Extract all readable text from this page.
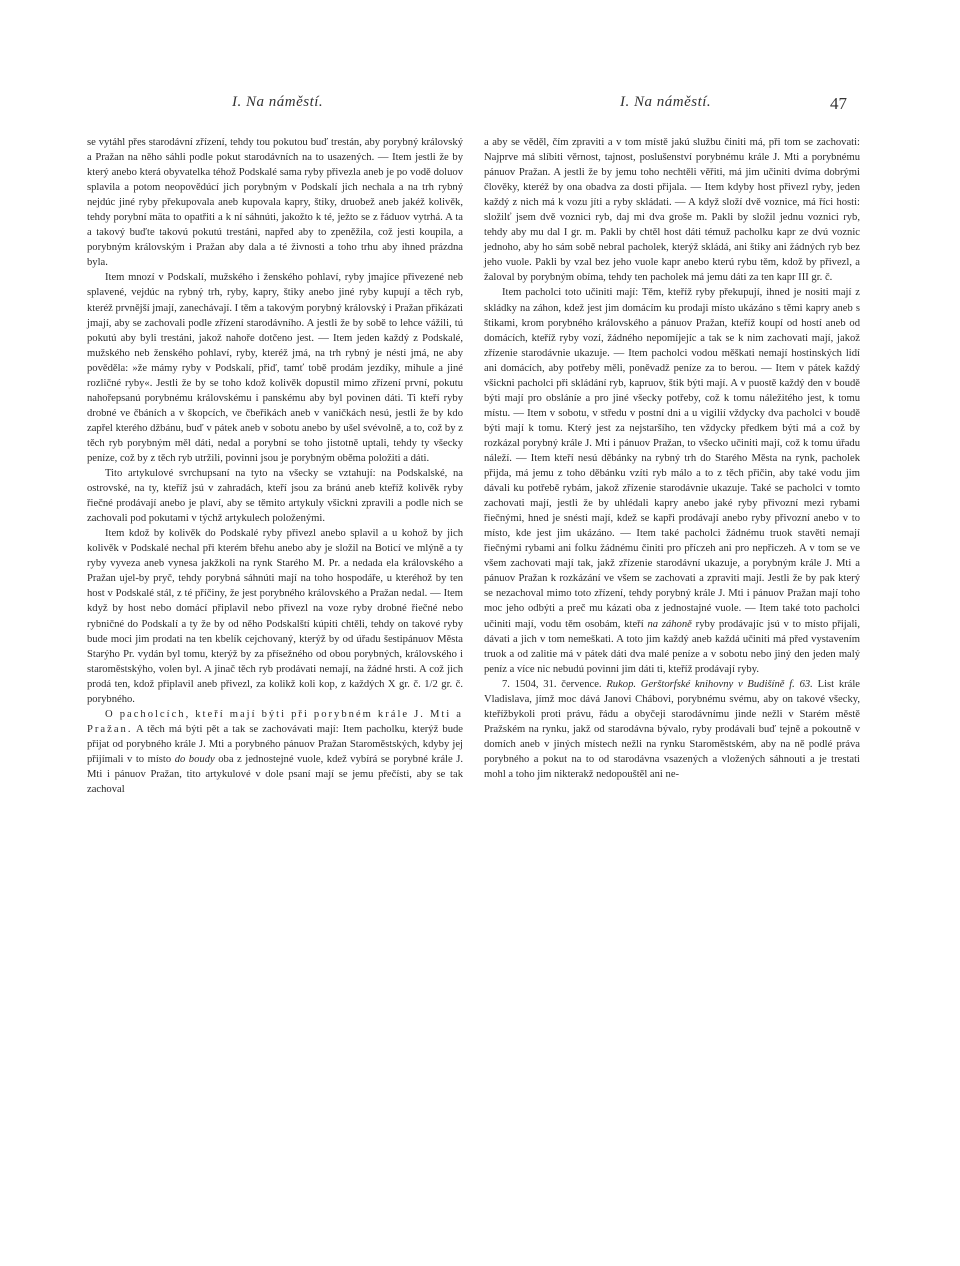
I. Na náměstí.	I. Na náměstí.	47

se vytáhl přes starodávní zřízení, tehdy tou pokutou buď trestán, aby porybný královský a Pražan na něho sáhli podle pokut starodávních na to usazených. — Item jestli že by který anebo která obyvatelka téhož Podskalé sama ryby přivezla aneb je po vodě doluov splavila a potom neopovědúcí jich porybným v Podskalí jich nechala a na trh rybný nejdúc jiné ryby překupovala aneb kupovala kapry, štiky, druobež aneb jakéž kolivěk, tehdy porybní mäta to opatřiti a k ní sáhnúti, jakožto k té, ježto se z řáduov vytrhá. A ta a takový buďte takovú pokutú trestáni, napřed aby to zpeněžila, což jesti koupila, a porybným královským i Pražan aby dala a té živnosti a toho trhu aby ihned prázdna byla.

Item mnozí v Podskalí, mužského i ženského pohlaví, ryby jmajíce přivezené neb splavené, vejdúc na rybný trh, ryby, kapry, štiky anebo jiné ryby kupují a těch ryb, kteréž prvnější jmají, zanechávají. I těm a takovým porybný královský i Pražan přikázati jmají, aby se zachovali podle zřízení starodávního. A jestli že by sobě to lehce vážili, tú pokutú aby byli trestáni, jakož nahoře dotčeno jest. — Item jeden každý z Podskalé, mužského neb ženského pohlaví, ryby, kteréž jmá, na trh rybný je nésti jmá, ne aby pověděla: »že mámy ryby v Podskalí, přiď, tamť tobě prodám jezdíky, mihule a jiné rozličné ryby«. Jestli že by se toho kdož kolivěk dopustil mimo zřízení první, pokutu nahořepsanú porybnému královskému i panskému aby byl povinen dáti. Ti kteří ryby drobné ve čbáních a v škopcích, ve čbeřikách aneb v vaničkách nesú, jestli že by kdo zapřel kterého džbánu, buď v pátek aneb v sobotu anebo by ušel svévolně, a to, což by z těch ryb porybným měl dáti, nedal a porybní se toho jistotně uptali, tehdy ty všecky peníze, což by z těch ryb utržili, povinni jsou je porybným oběma položiti a dáti.

Tito artykulové svrchupsaní na tyto na všecky se vztahují: na Podskalské, na ostrovské, na ty, kteříž jsú v zahradách, kteří jsou za bránú aneb kteříž kolivěk ryby řiečné prodávají anebo je plaví, aby se těmito artykuly všickni zpravili a podle nich se zachovali pod pokutami v týchž artykulech položenými.

Item kdož by kolivěk do Podskalé ryby přivezl anebo splavil a u kohož by jich kolivěk v Podskalé nechal při kterém břehu anebo aby je složil na Boticí ve mlýně a ty ryby vyveza aneb vynesa jakžkoli na rynk Starého M. Pr. a nedada ela královského a Pražan ujel-by pryč, tehdy porybná sáhnúti mají na toho hospodáře, u kteréhož by ten host v Podskalé stál, z té příčiny, že jest porybného královského a Pražan nedal. — Item když by host nebo domácí připlavil nebo přivezl na voze ryby drobné řiečné nebo rybničné do Podskalí a ty že by od něho Podskalští kúpiti chtěli, tehdy on takové ryby bude moci jim prodati na ten kbelík cejchovaný, kterýž by od úřadu šestipánuov Města Starýho Pr. vydán byl tomu, kterýž by za přísežného od obou porybných, královského i staroměstskýho, volen byl. A jinač těch ryb prodávati nemají, na žádné hrsti. A což jich prodá ten, kdož připlavil aneb přivezl, za kolikž koli kop, z každých X gr. č. 1/2 gr. č. porybného.

O pacholcích, kteří mají býti při porybném krále J. Mti a Pražan. A těch má býti pět a tak se zachovávati mají: Item pacholku, kterýž bude přijat od porybného krále J. Mti a porybného pánuov Pražan Staroměstských, kdyby jej přijímali v to místo do boudy oba z jednostejné vuole, kdež vybírá se porybné krále J. Mti i pánuov Pražan, tito artykulové v dole psaní mají se jemu přečísti, aby se tak zachoval

a aby se věděl, čím zpraviti a v tom místě jakú službu činiti má, při tom se zachovati: Najprve má slíbiti věrnost, tajnost, poslušenství porybnému krále J. Mti a porybnému pánuov Pražan. A jestli že by jemu toho nechtěli věřiti, má jim učiniti dvíma dobrými člověky, kteréž by ona obadva za dosti přijala. — Item kdyby host přivezl ryby, jeden každý z nich má k vozu jíti a ryby skládati. — A když složí dvě voznice, má říci hosti: složilť jsem dvě voznici ryb, daj mi dva groše m. Pakli by složil jednu voznici ryb, tehdy aby mu dal I gr. m. Pakli by chtěl host dáti témuž pacholku kapr ze dvú voznic jednoho, aby ho sám sobě nebral pacholek, kterýž skládá, ani štiky ani žádných ryb bez jeho vuole. Pakli by vzal bez jeho vuole kapr anebo kterú rybu těm, kdož by přivezl, a žaloval by porybným obíma, tehdy ten pacholek má jemu dáti za ten kapr III gr. č.

Item pacholci toto učiniti mají: Těm, kteříž ryby překupují, ihned je nositi mají z skládky na záhon, kdež jest jim domácím ku prodaji místo ukázáno s těmi kapry aneb s štikami, krom porybného královského a pánuov Pražan, kteříž koupí od hostí aneb od domácích, kteříž ryby vozí, žádného nepomíjejíc a tak se k nim zachovati mají, jakož zřízenie starodávnie ukazuje. — Item pacholci vodou měškati nemají hostinských lidí ani domácích, aby potřeby měli, poněvadž peníze za to berou. — Item v pátek každý všickni pacholci při skládání ryb, kapruov, štik býti mají. A v puostě každý den v boudě býti mají pro obsláníe a pro jiné všecky potřeby, což k tomu náležitého jest, k tomu místu. — Item v sobotu, v středu v postní dni a u vigilií vždycky dva pacholci v boudě býti mají k tomu. Který jest za nejstaršího, ten vždycky předkem býti má a což by rozkázal porybný krále J. Mti i pánuov Pražan, to všecko učiniti mají, což k tomu úřadu náleží. — Item kteří nesú děbánky na rybný trh do Starého Města na rynk, pacholek přijda, má jemu z toho děbánku vzíti ryb málo a to z těch přičin, aby také vodu jim dávali ku potřebě rybám, jakož zřízenie starodávnie ukazuje. Také se pacholci v tomto zachovati mají, jestli že by uhlédali kapry anebo jaké ryby přivozní mezi rybami řiečnými, hned je snésti mají, kdež se kapři prodávají anebo ryby přivozní anebo v to místo, kde jest jim ukázáno. — Item také pacholci žádnému truok stavěti nemají řiečnými rybami ani folku žádnému činiti pro příczeh ani pro nepřiczeh. A v tom se ve všem zachovati mají tak, jakž zřízenie starodávní ukazuje, a porybným krále J. Mti a pánuov Pražan k rozkázání ve všem se zachovati a zpraviti mají. Jestli že by pak který se nezachoval mimo toto zřízení, tehdy porybný krále J. Mti i pánuov Pražan mají toho moc jeho odbýti a preč mu kázati oba z jednostajné vuole. — Item také toto pacholci učiniti mají, vodu těm osobám, kteří na záhoně ryby prodávajíc jsú v to místo přijali, dávati a jich v tom nemeškati. A toto jim každý aneb každá učiniti má před vystavením truok a od zalitie má v pátek dáti dva malé peníze a v sobotu nebo jiný den jeden malý peníz a více nic nebudú povinni jim dáti ti, kteříž prodávají ryby.

7. 1504, 31. července. Rukop. Gerštorfské knihovny v Budišíně f. 63. List krále Vladislava, jímž moc dává Janovi Chábovi, porybnému svému, aby on takové všecky, kteřížbykoli proti právu, řádu a obyčeji starodávnímu jinde nežli v Starém městě Pražském na rynku, jakž od starodávna bývalo, ryby prodávali buď tejně a pokoutně v domích aneb v jiných místech nežli na rynku Staroměstském, aby na ně podlé práva porybného a pokut na to od starodávna vsazených a vložených sáhnouti a je trestati mohl a toho jim nikterakž nedopouštěl ani ne-
